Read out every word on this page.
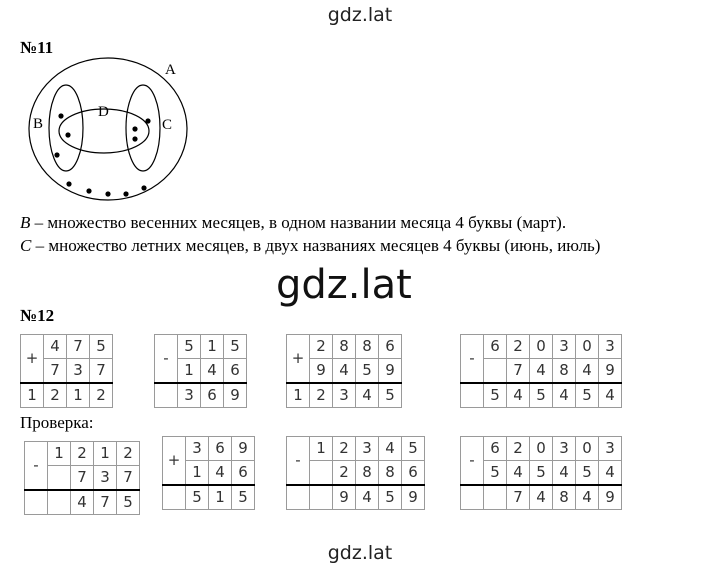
gdz.lat
№11
A
B	C
D
B – множество весенних месяцев, в одном названии месяца 4 буквы (март).
C – множество летних месяцев, в двух названиях месяцев 4 буквы (июнь, июль)
gdz.lat
№12
+	4	7	5
	7	3	7
1	2	1	2
-	5	1	5
	1	4	6
	3	6	9
+	2	8	8	6
	9	4	5	9
1	2	3	4	5
-	6	2	0	3	0	3
		7	4	8	4	9
	5	4	5	4	5	4
Проверка:
-	1	2	1	2
		7	3	7
		4	7	5
+	3	6	9
	1	4	6
	5	1	5
-	1	2	3	4	5
		2	8	8	6
		9	4	5	9
-	6	2	0	3	0	3
	5	4	5	4	5	4
		7	4	8	4	9
gdz.lat
